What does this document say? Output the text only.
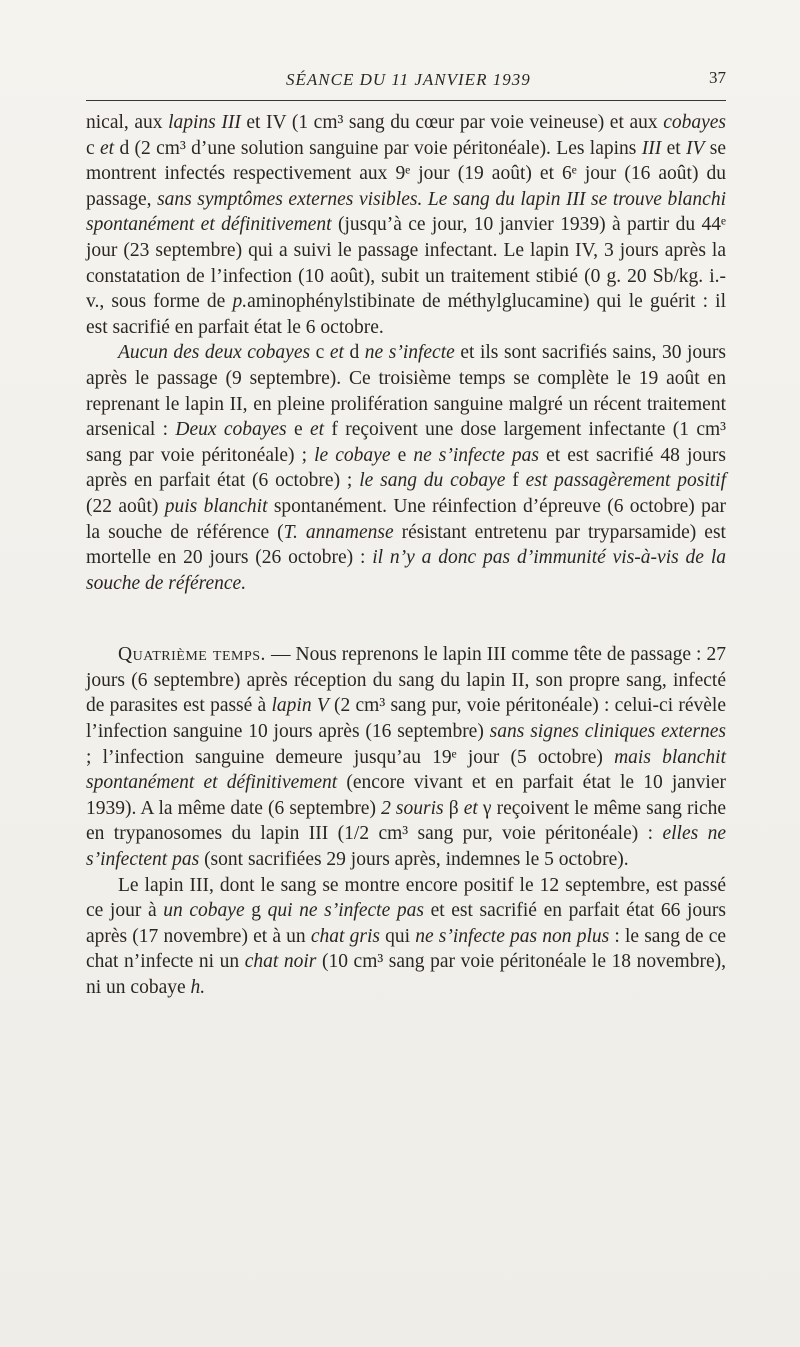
SÉANCE DU 11 JANVIER 1939	37

nical, aux lapins III et IV (1 cm³ sang du cœur par voie veineuse) et aux cobayes c et d (2 cm³ d’une solution sanguine par voie péritonéale). Les lapins III et IV se montrent infectés respectivement aux 9ᵉ jour (19 août) et 6ᵉ jour (16 août) du passage, sans symptômes externes visibles. Le sang du lapin III se trouve blanchi spontanément et définitivement (jusqu’à ce jour, 10 janvier 1939) à partir du 44ᵉ jour (23 septembre) qui a suivi le passage infectant. Le lapin IV, 3 jours après la constatation de l’infection (10 août), subit un traitement stibié (0 g. 20 Sb/kg. i.-v., sous forme de p.aminophénylstibinate de méthylglucamine) qui le guérit : il est sacrifié en parfait état le 6 octobre.

Aucun des deux cobayes c et d ne s’infecte et ils sont sacrifiés sains, 30 jours après le passage (9 septembre). Ce troisième temps se complète le 19 août en reprenant le lapin II, en pleine prolifération sanguine malgré un récent traitement arsenical : Deux cobayes e et f reçoivent une dose largement infectante (1 cm³ sang par voie péritonéale) ; le cobaye e ne s’infecte pas et est sacrifié 48 jours après en parfait état (6 octobre) ; le sang du cobaye f est passagèrement positif (22 août) puis blanchit spontanément. Une réinfection d’épreuve (6 octobre) par la souche de référence (T. annamense résistant entretenu par tryparsamide) est mortelle en 20 jours (26 octobre) : il n’y a donc pas d’immunité vis-à-vis de la souche de référence.

Quatrième temps. — Nous reprenons le lapin III comme tête de passage : 27 jours (6 septembre) après réception du sang du lapin II, son propre sang, infecté de parasites est passé à lapin V (2 cm³ sang pur, voie péritonéale) : celui-ci révèle l’infection sanguine 10 jours après (16 septembre) sans signes cliniques externes ; l’infection sanguine demeure jusqu’au 19ᵉ jour (5 octobre) mais blanchit spontanément et définitivement (encore vivant et en parfait état le 10 janvier 1939). A la même date (6 septembre) 2 souris β et γ reçoivent le même sang riche en trypanosomes du lapin III (1/2 cm³ sang pur, voie péritonéale) : elles ne s’infectent pas (sont sacrifiées 29 jours après, indemnes le 5 octobre).

Le lapin III, dont le sang se montre encore positif le 12 septembre, est passé ce jour à un cobaye g qui ne s’infecte pas et est sacrifié en parfait état 66 jours après (17 novembre) et à un chat gris qui ne s’infecte pas non plus : le sang de ce chat n’infecte ni un chat noir (10 cm³ sang par voie péritonéale le 18 novembre), ni un cobaye h.
